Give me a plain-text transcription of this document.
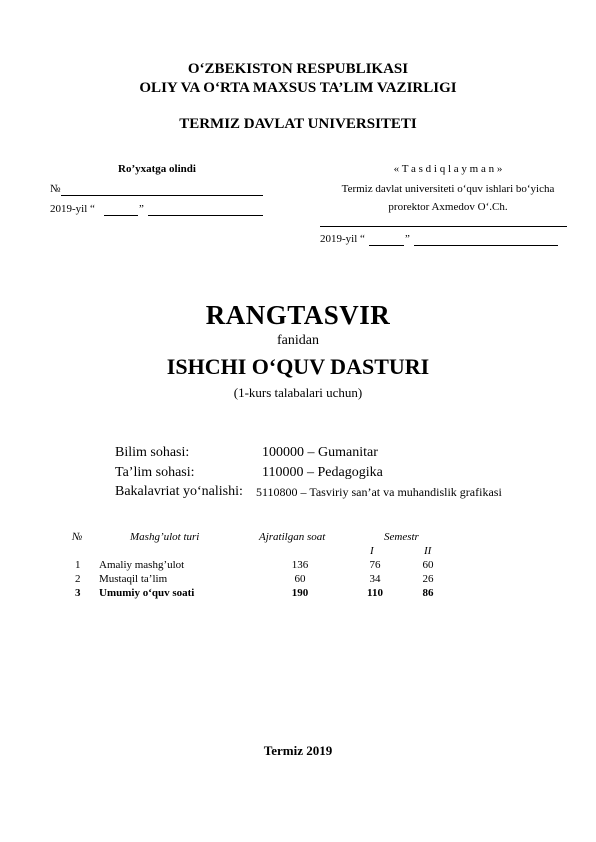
O‘ZBEKISTON RESPUBLIKASI
OLIY VA O‘RTA MAXSUS TA’LIM VAZIRLIGI
TERMIZ DAVLAT UNIVERSITETI
Ro’yxatga olindi
№
2019-yil “	”
« T a s d i q l a y m a n »
Termiz davlat universiteti o‘quv ishlari bo‘yicha
prorektor Axmedov O‘.Ch.
2019-yil “	”
RANGTASVIR
fanidan
ISHCHI O‘QUV DASTURI
(1-kurs talabalari uchun)
Bilim sohasi:	100000 – Gumanitar
Ta’lim sohasi:	110000 – Pedagogika
Bakalavriat yo‘nalishi: 5110800 – Tasviriy san’at va muhandislik grafikasi
№	Mashg’ulot turi	Ajratilgan soat	Semestr
I	II
1 Amaliy mashg’ulot	136	76	60
2 Mustaqil ta’lim	60	34	26
3 Umumiy o‘quv soati	190	110	86
Termiz 2019
